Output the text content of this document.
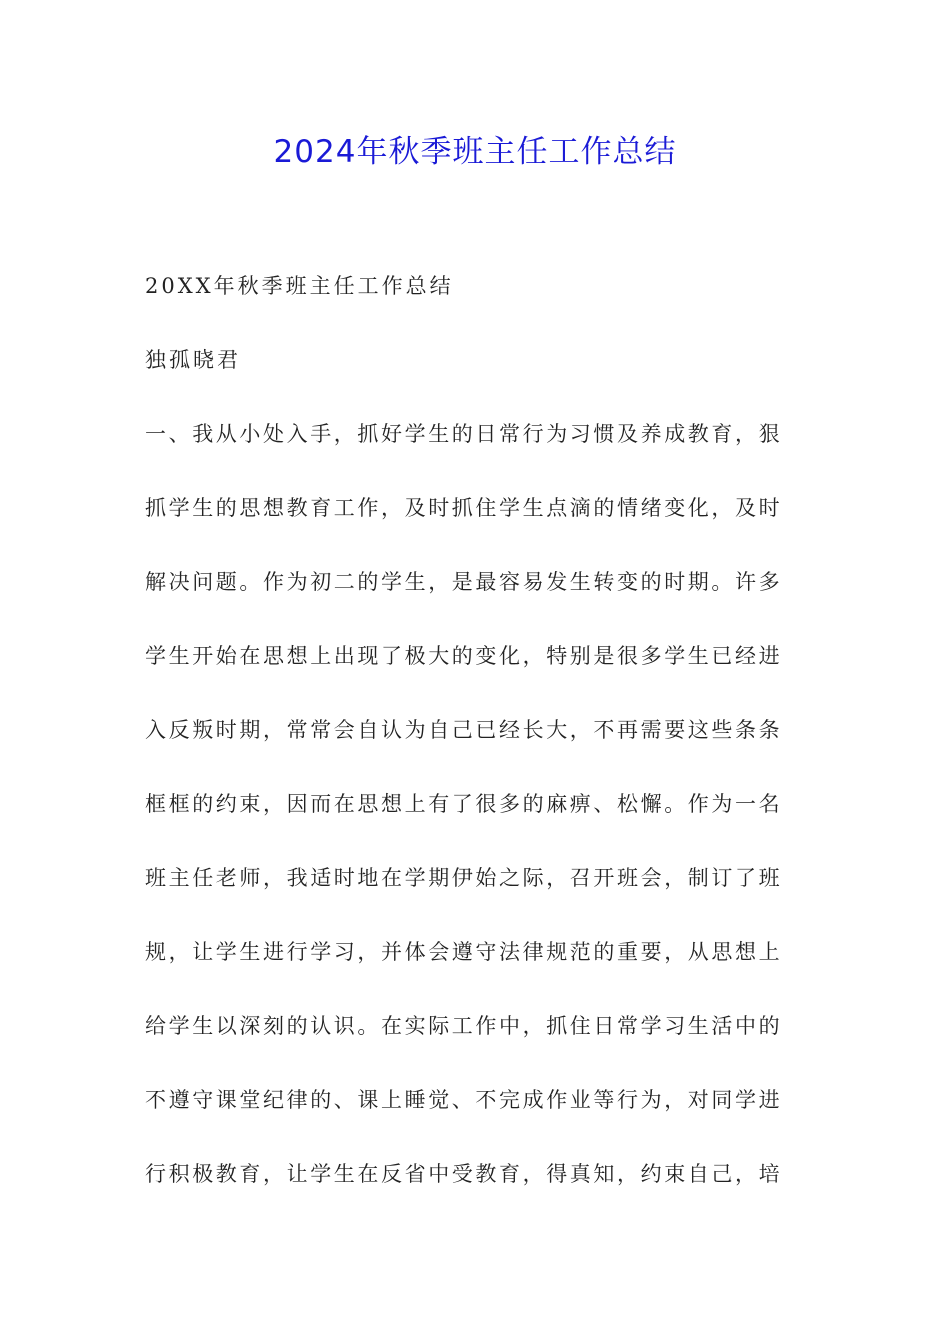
2024年秋季班主任工作总结

20XX年秋季班主任工作总结

独孤晓君

一、我从小处入手，抓好学生的日常行为习惯及养成教育，狠

抓学生的思想教育工作，及时抓住学生点滴的情绪变化，及时

解决问题。作为初二的学生，是最容易发生转变的时期。许多

学生开始在思想上出现了极大的变化，特别是很多学生已经进

入反叛时期，常常会自认为自己已经长大，不再需要这些条条

框框的约束，因而在思想上有了很多的麻痹、松懈。作为一名

班主任老师，我适时地在学期伊始之际，召开班会，制订了班

规，让学生进行学习，并体会遵守法律规范的重要，从思想上

给学生以深刻的认识。在实际工作中，抓住日常学习生活中的

不遵守课堂纪律的、课上睡觉、不完成作业等行为，对同学进

行积极教育，让学生在反省中受教育，得真知，约束自己，培
